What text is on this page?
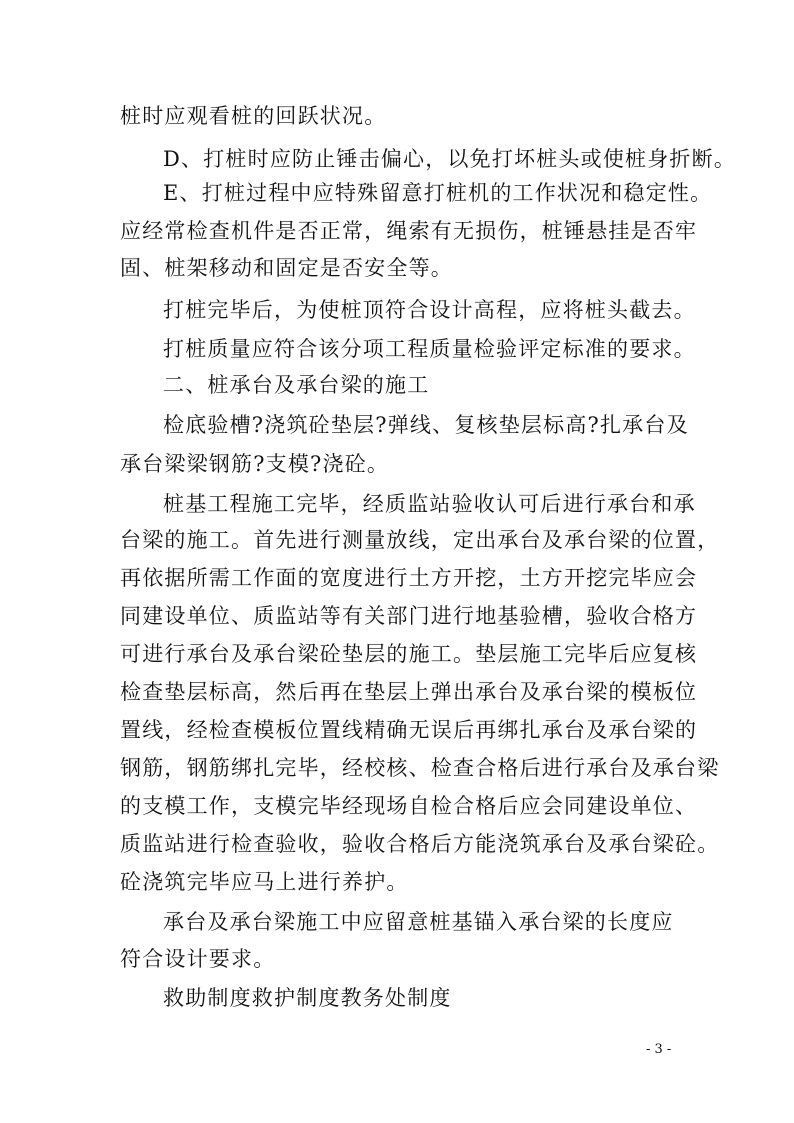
桩时应观看桩的回跃状况。
D、打桩时应防止锤击偏心，以免打坏桩头或使桩身折断。
E、打桩过程中应特殊留意打桩机的工作状况和稳定性。
应经常检查机件是否正常，绳索有无损伤，桩锤悬挂是否牢
固、桩架移动和固定是否安全等。
打桩完毕后，为使桩顶符合设计高程，应将桩头截去。
打桩质量应符合该分项工程质量检验评定标准的要求。
二、桩承台及承台梁的施工
检底验槽?浇筑砼垫层?弹线、复核垫层标高?扎承台及
承台梁梁钢筋?支模?浇砼。
桩基工程施工完毕，经质监站验收认可后进行承台和承
台梁的施工。首先进行测量放线，定出承台及承台梁的位置，
再依据所需工作面的宽度进行土方开挖，土方开挖完毕应会
同建设单位、质监站等有关部门进行地基验槽，验收合格方
可进行承台及承台梁砼垫层的施工。垫层施工完毕后应复核
检查垫层标高，然后再在垫层上弹出承台及承台梁的模板位
置线，经检查模板位置线精确无误后再绑扎承台及承台梁的
钢筋，钢筋绑扎完毕，经校核、检查合格后进行承台及承台梁
的支模工作，支模完毕经现场自检合格后应会同建设单位、
质监站进行检查验收，验收合格后方能浇筑承台及承台梁砼。
砼浇筑完毕应马上进行养护。
承台及承台梁施工中应留意桩基锚入承台梁的长度应
符合设计要求。
救助制度救护制度教务处制度
- 3 -
